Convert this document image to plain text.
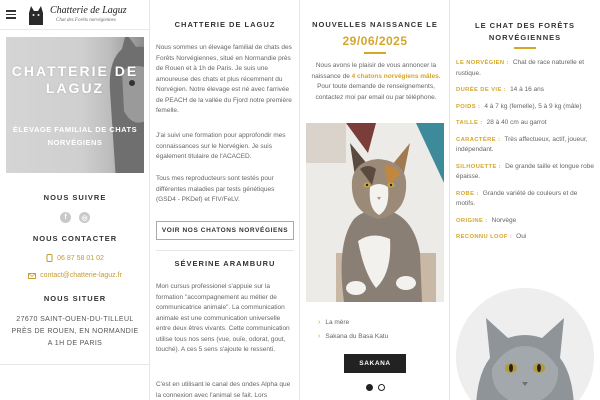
Chatterie de Laguz
Chat des Forêts norvégiennes
CHATTERIE DE LAGUZ
ÉLEVAGE FAMILIAL DE CHATS NORVÉGIENS
NOUS SUIVRE
f	◎
NOUS CONTACTER
06 87 58 01 02
contact@chatterie-laguz.fr
NOUS SITUER
27670 SAINT-OUEN-DU-TILLEUL PRÈS DE ROUEN, EN NORMANDIE A 1H DE PARIS
CHATTERIE DE LAGUZ

Nous sommes un élevage familial de chats des Forêts Norvégiennes, situé en Normandie près de Rouen et à 1h de Paris. Je suis une amoureuse des chats et plus récemment du Norvégien. Notre élevage est né avec l'arrivée de PEACH de la vallée du Fjord notre première femelle.

J'ai suivi une formation pour approfondir mes connaissances sur le Norvégien. Je suis également titulaire de l'ACACED.

Tous mes reproducteurs sont testés pour différentes maladies par tests génétiques (GSD4 - PKDef) et FIV/FeLV.

VOIR NOS CHATONS NORVÉGIENS
SÉVERINE ARAMBURU

Mon cursus professionel s'appuie sur la formation "accompagnement au métier de communicatrice animale". La communication animale est une communication universelle entre deux êtres vivants. Cette communication utilise tous nos sens (vue, ouïe, odorat, gout, touché). A ces 5 sens s'ajoute le ressenti.

C'est en utilisant le canal des ondes Alpha que la connexion avec l'animal se fait. Lors

NOUVELLES NAISSANCE LE
29/06/2025

Nous avons le plaisir de vous annoncer la naissance de 4 chatons norvégiens mâles. Pour toute demande de renseignements, contactez moi par email ou par téléphone.

› La mère
› Sakana du Basa Katu
SAKANA
LE CHAT DES FORÊTS NORVÉGIENNES
LE NORVÉGIEN : Chat de race naturelle et rustique.
DURÉE DE VIE : 14 à 16 ans
POIDS : 4 à 7 kg (femelle), 5 à 9 kg (mâle)
TAILLE : 28 à 40 cm au garrot
CARACTÈRE : Très affectueux, actif, joueur, indépendant.
SILHOUETTE : De grande taille et longue robe épaisse.
ROBE : Grande variété de couleurs et de motifs.
ORIGINE : Norvège
RECONNU LOOF : Oui
